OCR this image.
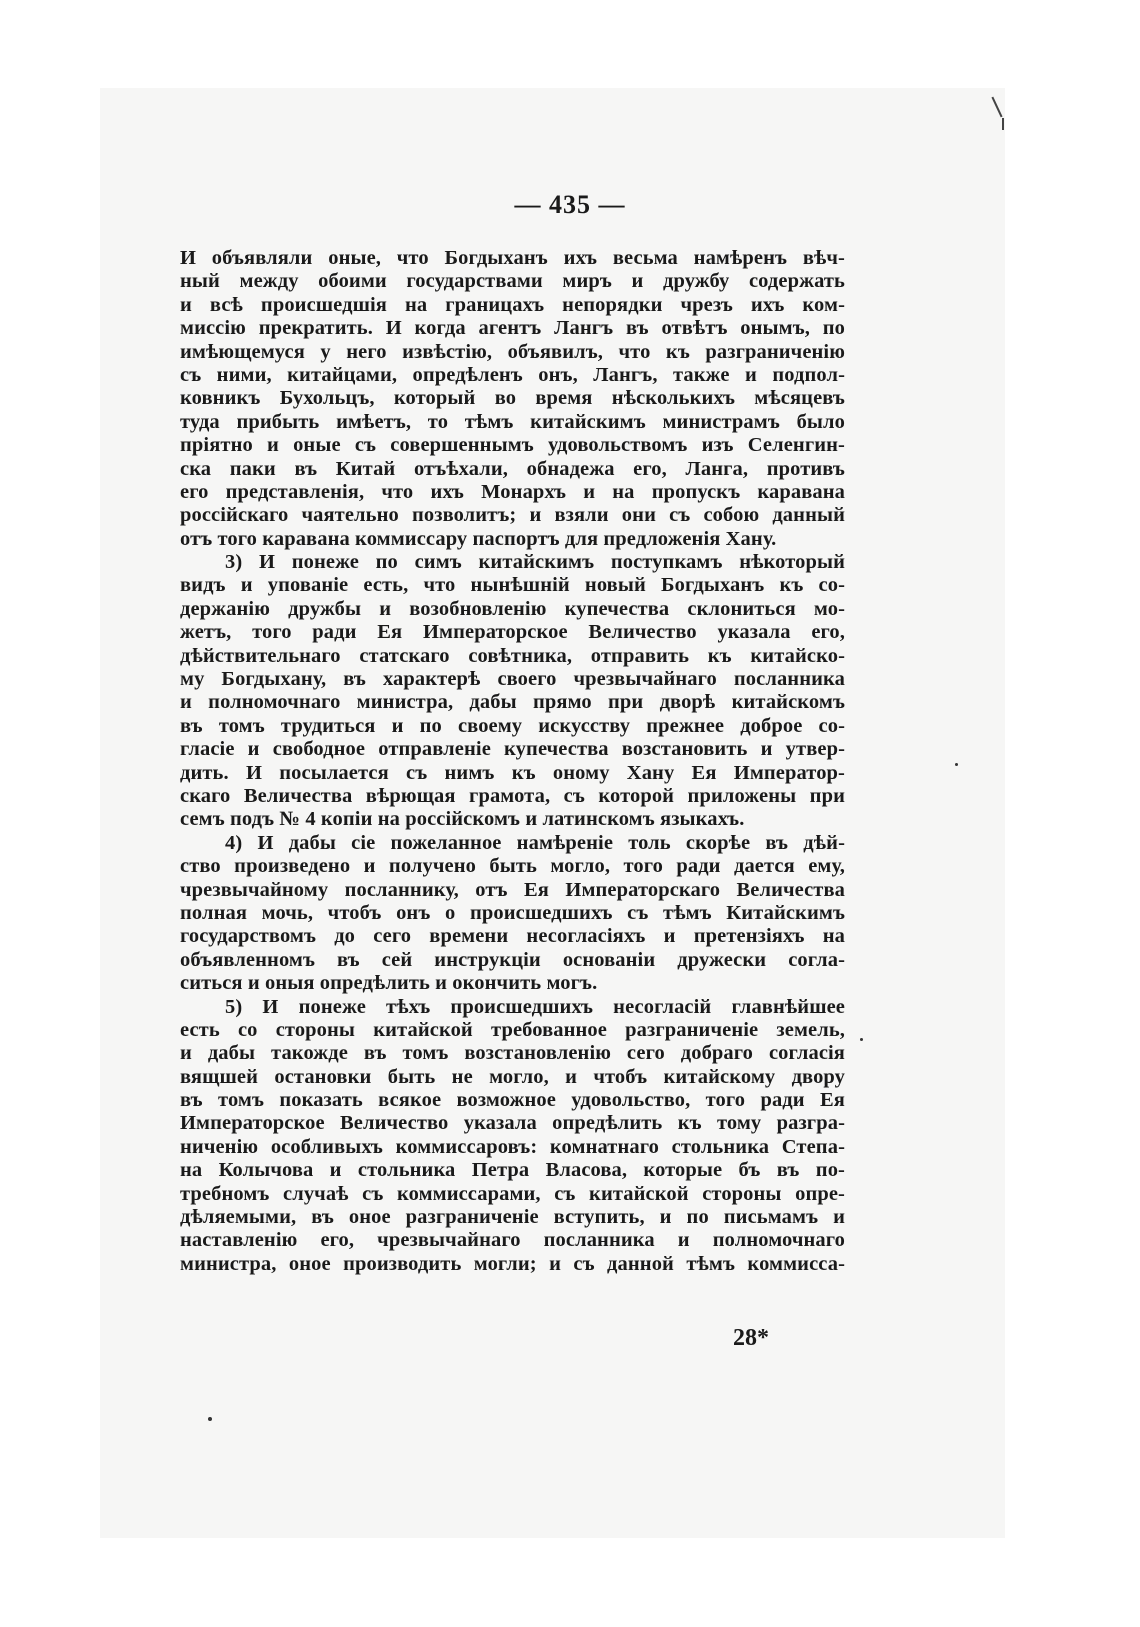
— 435 —
И объявляли оные, что Богдыханъ ихъ весьма намѣренъ вѣч-
ный между обоими государствами миръ и дружбу содержать
и всѣ происшедшія на границахъ непорядки чрезъ ихъ ком-
миссію прекратить. И когда агентъ Лангъ въ отвѣтъ онымъ, по
имѣющемуся у него извѣстію, объявилъ, что къ разграниченію
съ ними, китайцами, опредѣленъ онъ, Лангъ, также и подпол-
ковникъ Бухольцъ, который во время нѣсколькихъ мѣсяцевъ
туда прибыть имѣетъ, то тѣмъ китайскимъ министрамъ было
пріятно и оные съ совершеннымъ удовольствомъ изъ Селенгин-
ска паки въ Китай отъѣхали, обнадежа его, Ланга, противъ
его представленія, что ихъ Монархъ и на пропускъ каравана
россійскаго чаятельно позволитъ; и взяли они съ собою данный
отъ того каравана коммиссару паспортъ для предложенія Хану.
3) И понеже по симъ китайскимъ поступкамъ нѣкоторый
видъ и упованіе есть, что нынѣшній новый Богдыханъ къ со-
держанію дружбы и возобновленію купечества склониться мо-
жетъ, того ради Ея Императорское Величество указала его,
дѣйствительнаго статскаго совѣтника, отправить къ китайско-
му Богдыхану, въ характерѣ своего чрезвычайнаго посланника
и полномочнаго министра, дабы прямо при дворѣ китайскомъ
въ томъ трудиться и по своему искусству прежнее доброе со-
гласіе и свободное отправленіе купечества возстановить и утвер-
дить. И посылается съ нимъ къ оному Хану Ея Император-
скаго Величества вѣрющая грамота, съ которой приложены при
семъ подъ № 4 копіи на россійскомъ и латинскомъ языкахъ.
4) И дабы сіе пожеланное намѣреніе толь скорѣе въ дѣй-
ство произведено и получено быть могло, того ради дается ему,
чрезвычайному посланнику, отъ Ея Императорскаго Величества
полная мочь, чтобъ онъ о происшедшихъ съ тѣмъ Китайскимъ
государствомъ до сего времени несогласіяхъ и претензіяхъ на
объявленномъ въ сей инструкціи основаніи дружески согла-
ситься и оныя опредѣлить и окончить могъ.
5) И понеже тѣхъ происшедшихъ несогласій главнѣйшее
есть со стороны китайской требованное разграниченіе земель,
и дабы такожде въ томъ возстановленію сего добраго согласія
вящшей остановки быть не могло, и чтобъ китайскому двору
въ томъ показать всякое возможное удовольство, того ради Ея
Императорское Величество указала опредѣлить къ тому разгра-
ниченію особливыхъ коммиссаровъ: комнатнаго стольника Степа-
на Колычова и стольника Петра Власова, которые бъ въ по-
требномъ случаѣ съ коммиссарами, съ китайской стороны опре-
дѣляемыми, въ оное разграниченіе вступить, и по письмамъ и
наставленію его, чрезвычайнаго посланника и полномочнаго
министра, оное производить могли; и съ данной тѣмъ коммисса-
28*
